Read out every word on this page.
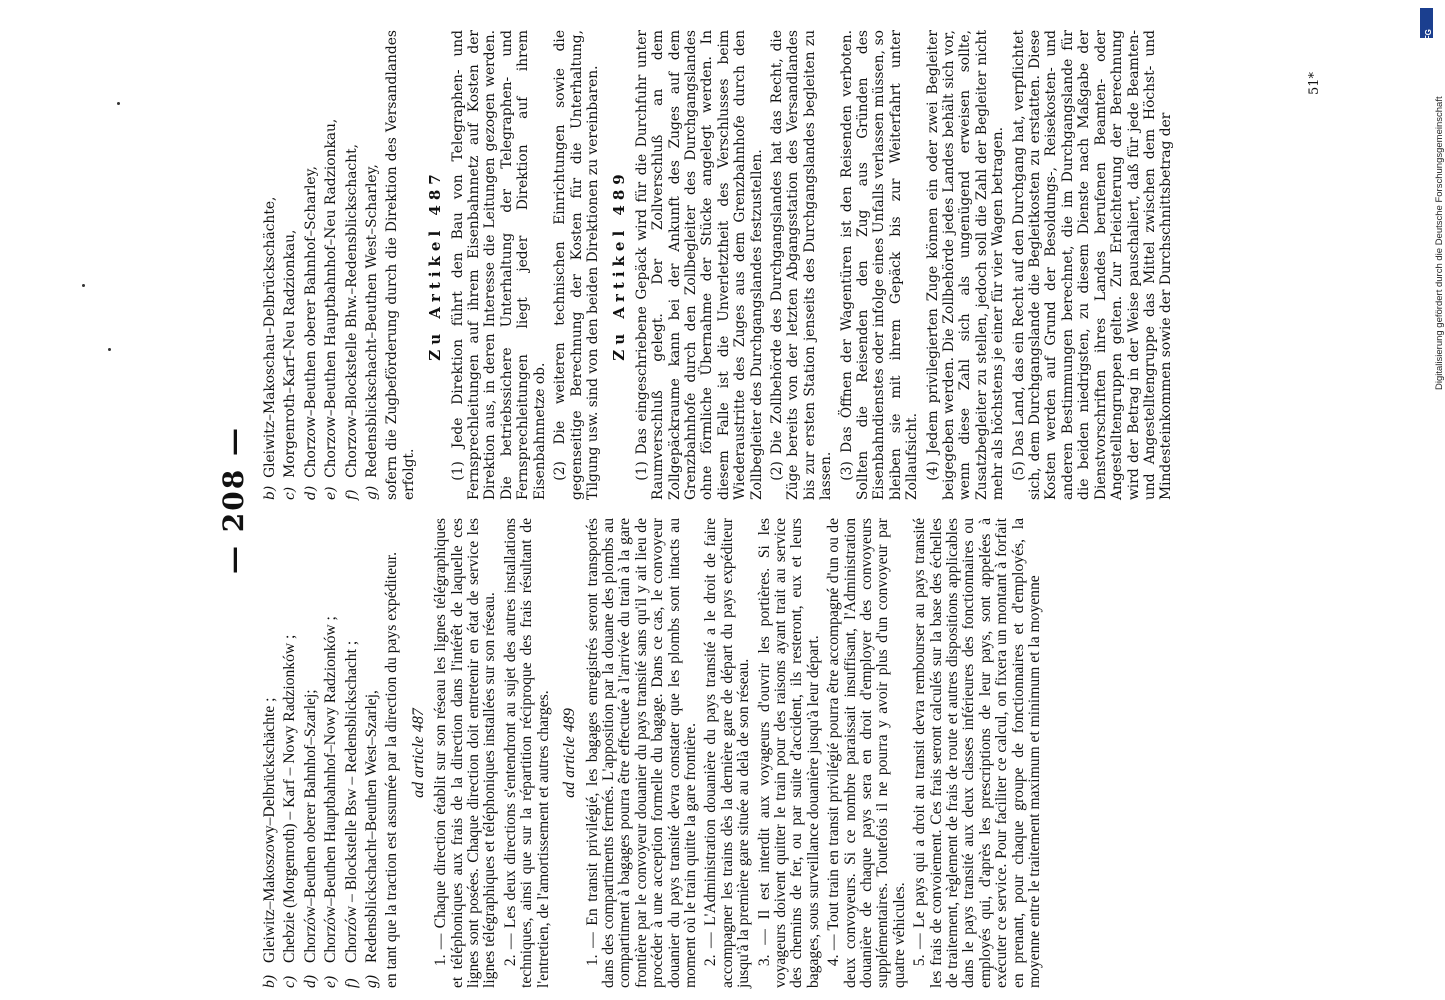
— 208 —

b)
Gleiwitz–Makoszowy–Delbrückschächte ;

c)
Chebzie (Morgenroth) – Karf – Nowy Radzionków ;

d)
Chorzów–Beuthen oberer Bahnhof–Szarlej;

e)
Chorzów–Beuthen Hauptbahnhof–Nowy Radzionków ;

f)
Chorzów – Blockstelle Bsw – Redensblickschacht ;

g)
Redensblickschacht–Beuthen West–Szarlej, en tant que la traction est assumée par la direction du pays expéditeur. ad article 487 1. — Chaque direction établit sur son réseau les lignes télégraphiques et téléphoniques aux frais de la direction dans l'intérêt de laquelle ces lignes sont posées. Chaque direction doit entretenir en état de service les lignes télégraphiques et téléphoniques installées sur son réseau. 2. — Les deux directions s'entendront au sujet des autres installations techniques, ainsi que sur la répartition réciproque des frais résultant de l'entretien, de l'amortissement et autres charges. ad article 489 1. — En transit privilégié, les bagages enregistrés seront transportés dans des compartiments fermés. L'apposition par la douane des plombs au compartiment à bagages pourra être effectuée à l'arrivée du train à la gare frontière par le convoyeur douanier du pays transité sans qu'il y ait lieu de procéder à une acception formelle du bagage. Dans ce cas, le convoyeur douanier du pays transité devra constater que les plombs sont intacts au moment où le train quitte la gare frontière. 2. — L'Administration douanière du pays transité a le droit de faire accompagner les trains dès la dernière gare de départ du pays expéditeur jusqu'à la première gare située au delà de son réseau. 3. — Il est interdit aux voyageurs d'ouvrir les portières. Si les voyageurs doivent quitter le train pour des raisons ayant trait au service des chemins de fer, ou par suite d'accident, ils resteront, eux et leurs bagages, sous surveillance douanière jusqu'à leur départ. 4. — Tout train en transit privilégié pourra être accompagné d'un ou de deux convoyeurs. Si ce nombre paraissait insuffisant, l'Administration douanière de chaque pays sera en droit d'employer des convoyeurs supplémentaires. Toutefois il ne pourra y avoir plus d'un convoyeur par quatre véhicules. 5. — Le pays qui a droit au transit devra rembourser au pays transité les frais de convoiement. Ces frais seront calculés sur la base des échelles de traitement, règlement de frais de route et autres dispositions applicables dans le pays transité aux deux classes inférieures des fonctionnaires ou employés qui, d'après les prescriptions de leur pays, sont appelées à exécuter ce service. Pour faciliter ce calcul, on fixera un montant à forfait en prenant, pour chaque groupe de fonctionnaires et d'employés, la moyenne entre le traitement maximum et minimum et la moyenne

b)
Gleiwitz–Makoschau–Delbrückschächte,

c)
Morgenroth–Karf–Neu Radzionkau,

d)
Chorzow–Beuthen oberer Bahnhof–Scharley,

e)
Chorzow–Beuthen Hauptbahnhof–Neu Radzionkau,

f)
Chorzow–Blockstelle Bhw.–Redensblickschacht,

g)
Redensblickschacht–Beuthen West–Scharley, sofern die Zugbeförderung durch die Direktion des Versandlandes erfolgt.

Zu Artikel 487 (1) Jede Direktion führt den Bau von Telegraphen- und Fernsprechleitungen auf ihrem Eisenbahnnetz auf Kosten der Direktion aus, in deren Interesse die Leitungen gezogen werden. Die betriebssichere Unterhaltung der Telegraphen- und Fernsprechleitungen liegt jeder Direktion auf ihrem Eisenbahnnetze ob. (2) Die weiteren technischen Einrichtungen sowie die gegenseitige Berechnung der Kosten für die Unterhaltung, Tilgung usw. sind von den beiden Direktionen zu vereinbaren. Zu Artikel 489 (1) Das eingeschriebene Gepäck wird für die Durchfuhr unter Raumverschluß gelegt. Der Zollverschluß an dem Zollgepäckraume kann bei der Ankunft des Zuges auf dem Grenzbahnhofe durch den Zollbegleiter des Durchgangslandes ohne förmliche Übernahme der Stücke angelegt werden. In diesem Falle ist die Unverletztheit des Verschlusses beim Wiederaustritte des Zuges aus dem Grenzbahnhofe durch den Zollbegleiter des Durchgangslandes festzustellen. (2) Die Zollbehörde des Durchgangslandes hat das Recht, die Züge bereits von der letzten Abgangsstation des Versandlandes bis zur ersten Station jenseits des Durchgangslandes begleiten zu lassen. (3) Das Öffnen der Wagentüren ist den Reisenden verboten. Sollten die Reisenden den Zug aus Gründen des Eisenbahndienstes oder infolge eines Unfalls verlassen müssen, so bleiben sie mit ihrem Gepäck bis zur Weiterfahrt unter Zollaufsicht. (4) Jedem privilegierten Zuge können ein oder zwei Begleiter beigegeben werden. Die Zollbehörde jedes Landes behält sich vor, wenn diese Zahl sich als ungenügend erweisen sollte, Zusatzbegleiter zu stellen, jedoch soll die Zahl der Begleiter nicht mehr als höchstens je einer für vier Wagen betragen. (5) Das Land, das ein Recht auf den Durchgang hat, verpflichtet sich, dem Durchgangslande die Begleitkosten zu erstatten. Diese Kosten werden auf Grund der Besoldungs-, Reisekosten- und anderen Bestimmungen berechnet, die im Durchgangslande für die beiden niedrigsten, zu diesem Dienste nach Maßgabe der Dienstvorschriften ihres Landes berufenen Beamten- oder Angestelltengruppen gelten. Zur Erleichterung der Berechnung wird der Betrag in der Weise pauschaliert, daß für jede Beamten- und Angestelltengruppe das Mittel zwischen dem Höchst- und Mindesteinkommen sowie der Durchschnittsbetrag der

51*
DFG
Digitalisierung gefördert durch die Deutsche Forschungsgemeinschaft
